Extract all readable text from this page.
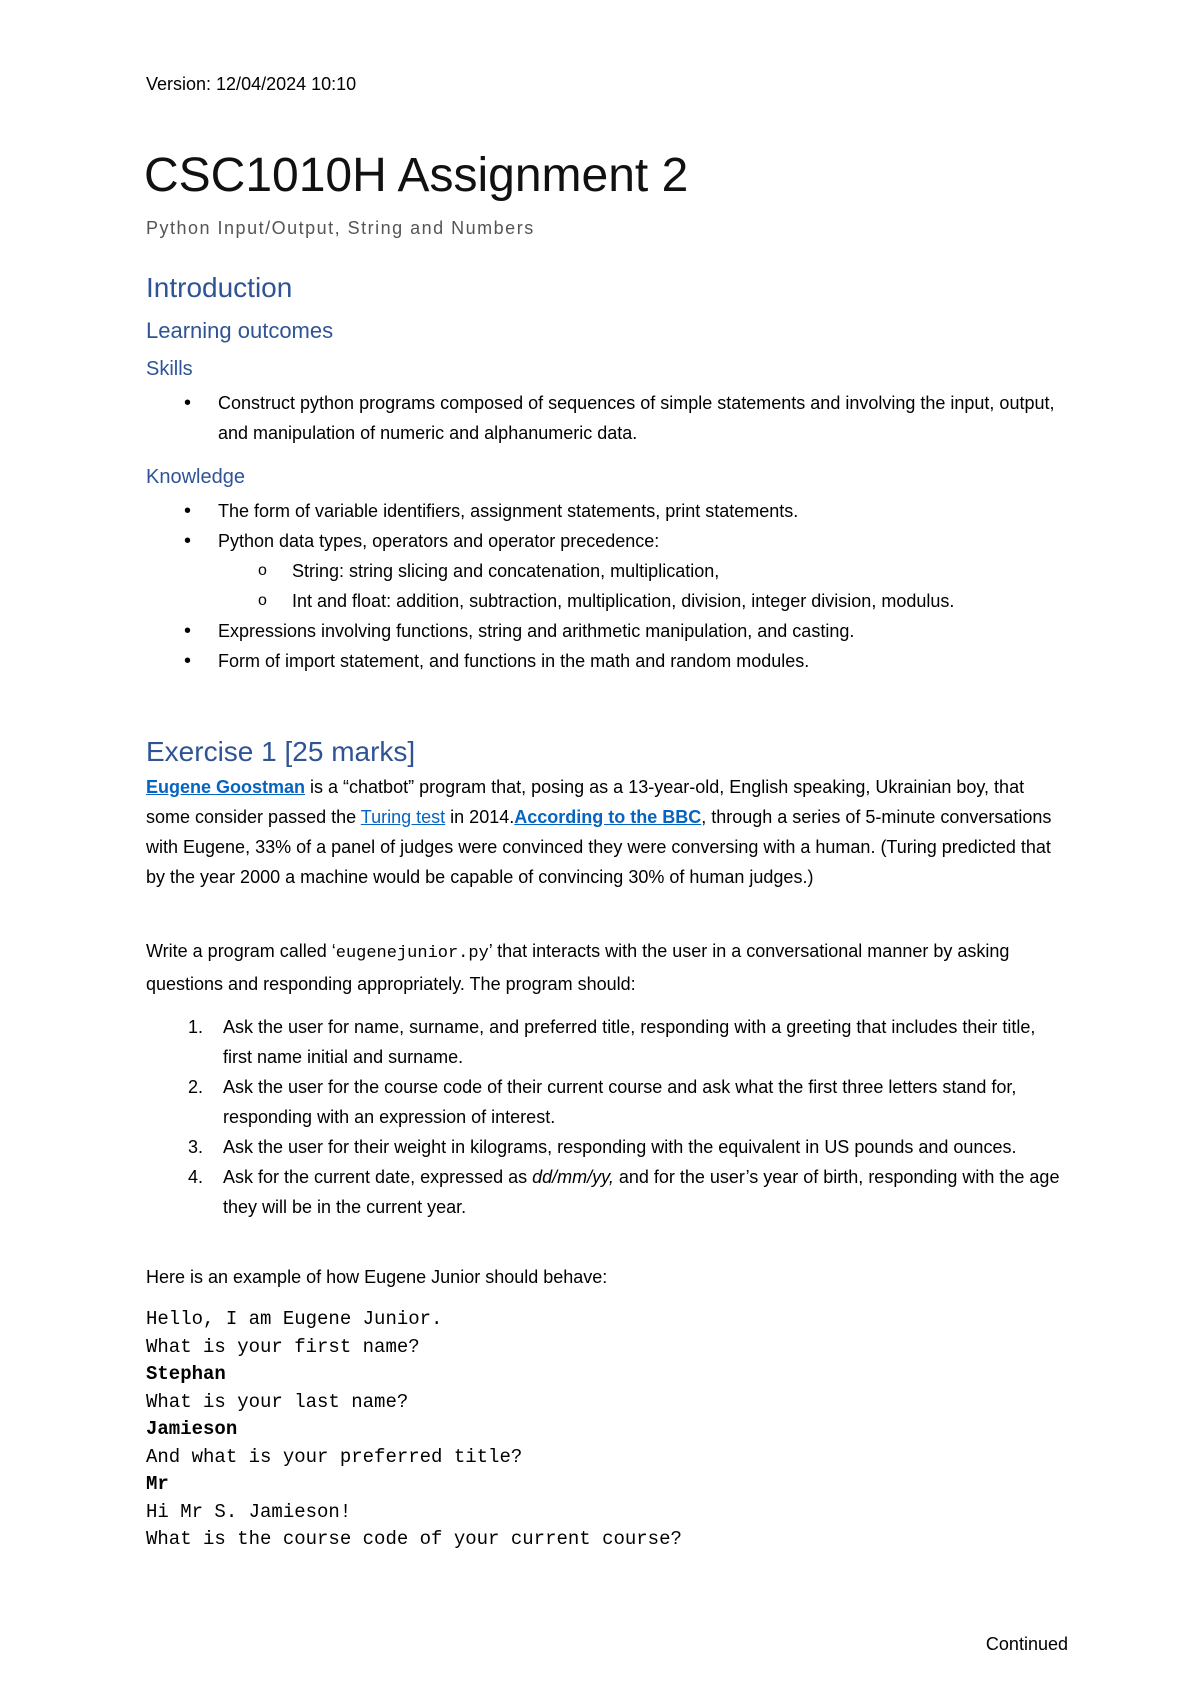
Version: 12/04/2024 10:10
CSC1010H Assignment 2
Python Input/Output, String and Numbers
Introduction
Learning outcomes
Skills
• Construct python programs composed of sequences of simple statements and involving the input, output, and manipulation of numeric and alphanumeric data.
Knowledge
• The form of variable identifiers, assignment statements, print statements.
• Python data types, operators and operator precedence:
o String: string slicing and concatenation, multiplication,
o Int and float: addition, subtraction, multiplication, division, integer division, modulus.
• Expressions involving functions, string and arithmetic manipulation, and casting.
• Form of import statement, and functions in the math and random modules.
Exercise 1 [25 marks]

Eugene Goostman is a “chatbot” program that, posing as a 13-year-old, English speaking, Ukrainian boy, that some consider passed the Turing test in 2014.According to the BBC, through a series of 5-minute conversations with Eugene, 33% of a panel of judges were convinced they were conversing with a human. (Turing predicted that by the year 2000 a machine would be capable of convincing 30% of human judges.)

Write a program called ‘eugenejunior.py’ that interacts with the user in a conversational manner by asking questions and responding appropriately. The program should:

1. Ask the user for name, surname, and preferred title, responding with a greeting that includes their title, first name initial and surname.
2. Ask the user for the course code of their current course and ask what the first three letters stand for, responding with an expression of interest.
3. Ask the user for their weight in kilograms, responding with the equivalent in US pounds and ounces.
4. Ask for the current date, expressed as dd/mm/yy, and for the user’s year of birth, responding with the age they will be in the current year.

Here is an example of how Eugene Junior should behave:

Hello, I am Eugene Junior.
What is your first name?
Stephan
What is your last name?
Jamieson
And what is your preferred title?
Mr
Hi Mr S. Jamieson!
What is the course code of your current course?
Continued
